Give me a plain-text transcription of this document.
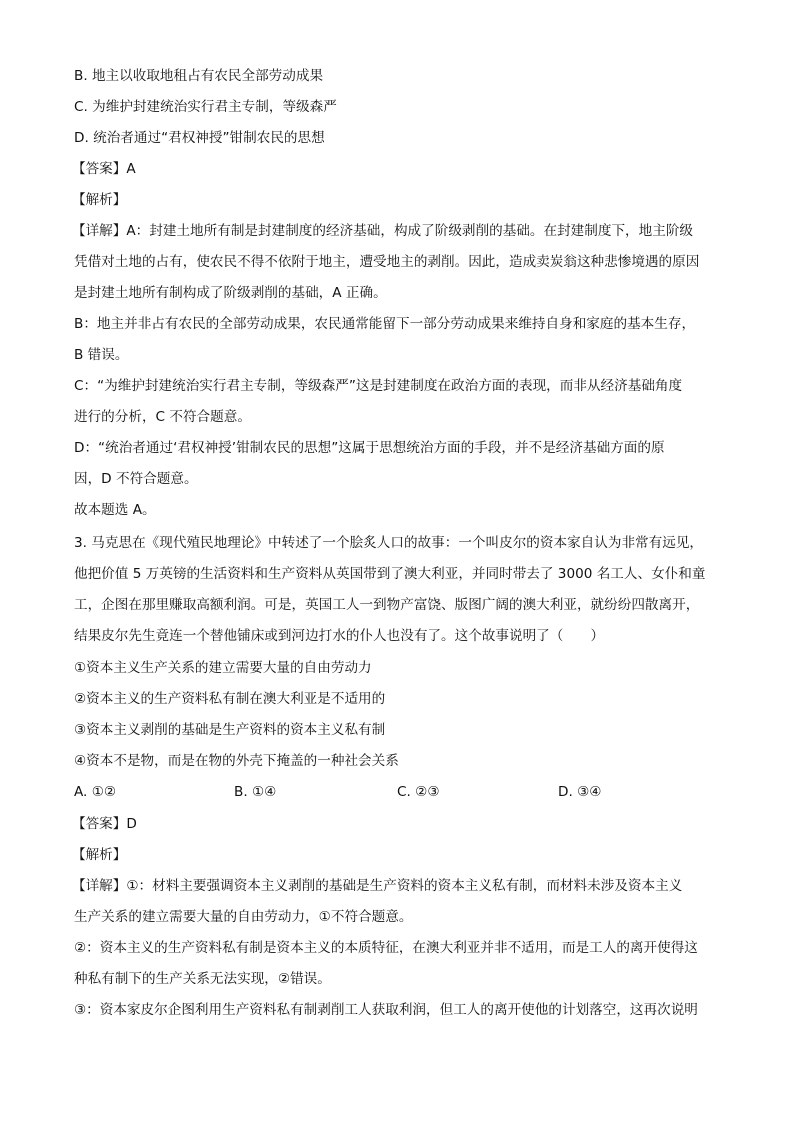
B. 地主以收取地租占有农民全部劳动成果
C. 为维护封建统治实行君主专制，等级森严
D. 统治者通过“君权神授”钳制农民的思想
【答案】A
【解析】
【详解】A：封建土地所有制是封建制度的经济基础，构成了阶级剥削的基础。在封建制度下，地主阶级
凭借对土地的占有，使农民不得不依附于地主，遭受地主的剥削。因此，造成卖炭翁这种悲惨境遇的原因
是封建土地所有制构成了阶级剥削的基础，A 正确。
B：地主并非占有农民的全部劳动成果，农民通常能留下一部分劳动成果来维持自身和家庭的基本生存，
B 错误。
C：“为维护封建统治实行君主专制，等级森严”这是封建制度在政治方面的表现，而非从经济基础角度
进行的分析，C 不符合题意。
D：“统治者通过‘君权神授’钳制农民的思想”这属于思想统治方面的手段，并不是经济基础方面的原
因，D 不符合题意。
故本题选 A。
3. 马克思在《现代殖民地理论》中转述了一个脍炙人口的故事：一个叫皮尔的资本家自认为非常有远见，
他把价值 5 万英镑的生活资料和生产资料从英国带到了澳大利亚，并同时带去了 3000 名工人、女仆和童
工，企图在那里赚取高额利润。可是，英国工人一到物产富饶、版图广阔的澳大利亚，就纷纷四散离开，
结果皮尔先生竟连一个替他铺床或到河边打水的仆人也没有了。这个故事说明了（　　）
①资本主义生产关系的建立需要大量的自由劳动力
②资本主义的生产资料私有制在澳大利亚是不适用的
③资本主义剥削的基础是生产资料的资本主义私有制
④资本不是物，而是在物的外壳下掩盖的一种社会关系
A. ①②	B. ①④	C. ②③	D. ③④
【答案】D
【解析】
【详解】①：材料主要强调资本主义剥削的基础是生产资料的资本主义私有制，而材料未涉及资本主义
生产关系的建立需要大量的自由劳动力，①不符合题意。
②：资本主义的生产资料私有制是资本主义的本质特征，在澳大利亚并非不适用，而是工人的离开使得这
种私有制下的生产关系无法实现，②错误。
③：资本家皮尔企图利用生产资料私有制剥削工人获取利润，但工人的离开使他的计划落空，这再次说明
